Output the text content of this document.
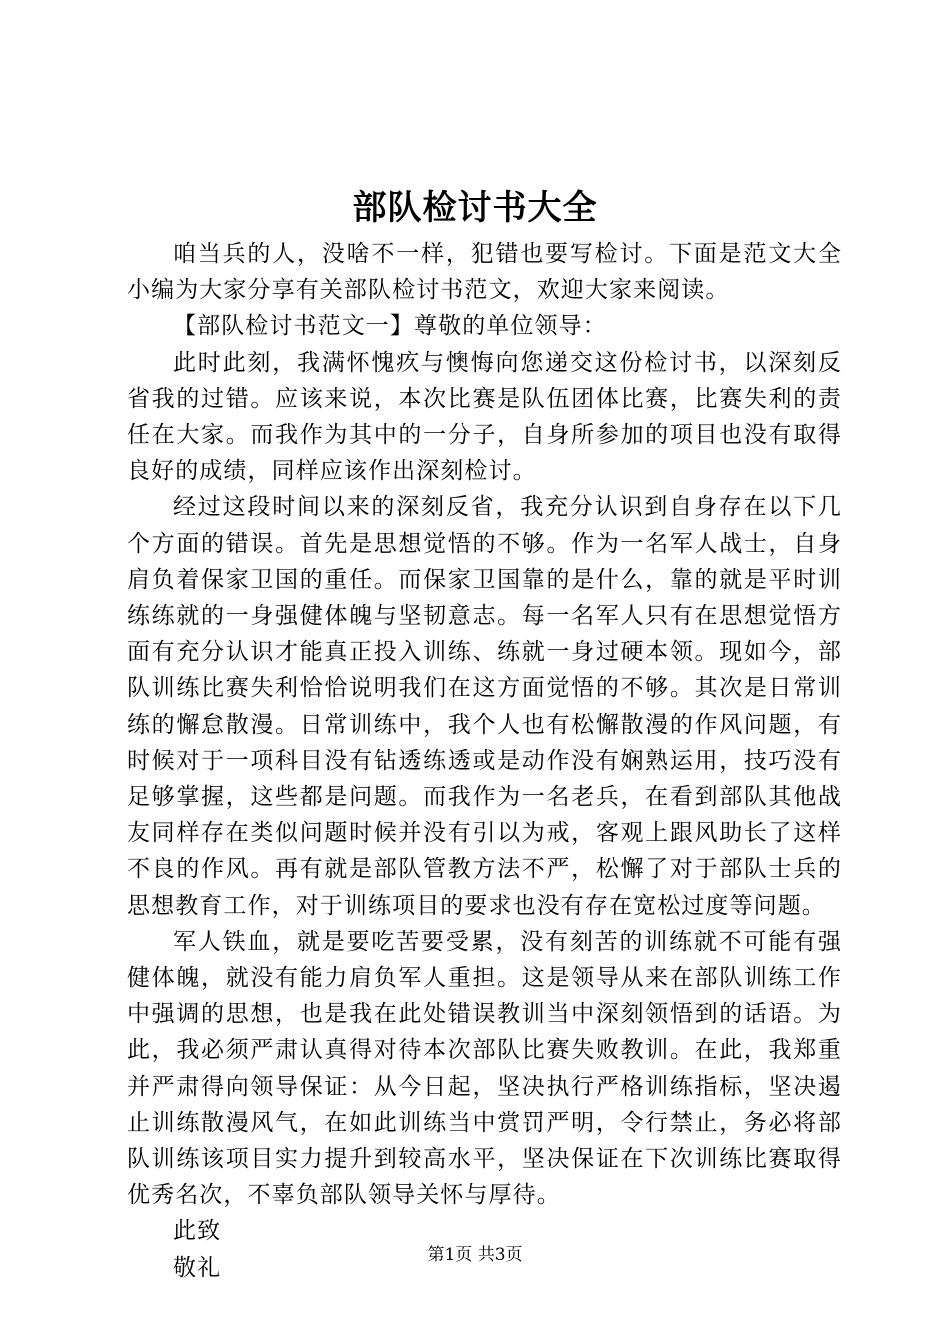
部队检讨书大全

咱当兵的人，没啥不一样，犯错也要写检讨。下面是范文大全小编为大家分享有关部队检讨书范文，欢迎大家来阅读。

【部队检讨书范文一】尊敬的单位领导：

此时此刻，我满怀愧疚与懊悔向您递交这份检讨书，以深刻反省我的过错。应该来说，本次比赛是队伍团体比赛，比赛失利的责任在大家。而我作为其中的一分子，自身所参加的项目也没有取得良好的成绩，同样应该作出深刻检讨。

经过这段时间以来的深刻反省，我充分认识到自身存在以下几个方面的错误。首先是思想觉悟的不够。作为一名军人战士，自身肩负着保家卫国的重任。而保家卫国靠的是什么，靠的就是平时训练练就的一身强健体魄与坚韧意志。每一名军人只有在思想觉悟方面有充分认识才能真正投入训练、练就一身过硬本领。现如今，部队训练比赛失利恰恰说明我们在这方面觉悟的不够。其次是日常训练的懈怠散漫。日常训练中，我个人也有松懈散漫的作风问题，有时候对于一项科目没有钻透练透或是动作没有娴熟运用，技巧没有足够掌握，这些都是问题。而我作为一名老兵，在看到部队其他战友同样存在类似问题时候并没有引以为戒，客观上跟风助长了这样不良的作风。再有就是部队管教方法不严，松懈了对于部队士兵的思想教育工作，对于训练项目的要求也没有存在宽松过度等问题。

军人铁血，就是要吃苦要受累，没有刻苦的训练就不可能有强健体魄，就没有能力肩负军人重担。这是领导从来在部队训练工作中强调的思想，也是我在此处错误教训当中深刻领悟到的话语。为此，我必须严肃认真得对待本次部队比赛失败教训。在此，我郑重并严肃得向领导保证：从今日起，坚决执行严格训练指标，坚决遏止训练散漫风气，在如此训练当中赏罚严明，令行禁止，务必将部队训练该项目实力提升到较高水平，坚决保证在下次训练比赛取得优秀名次，不辜负部队领导关怀与厚待。

此致

敬礼	第1页 共3页
